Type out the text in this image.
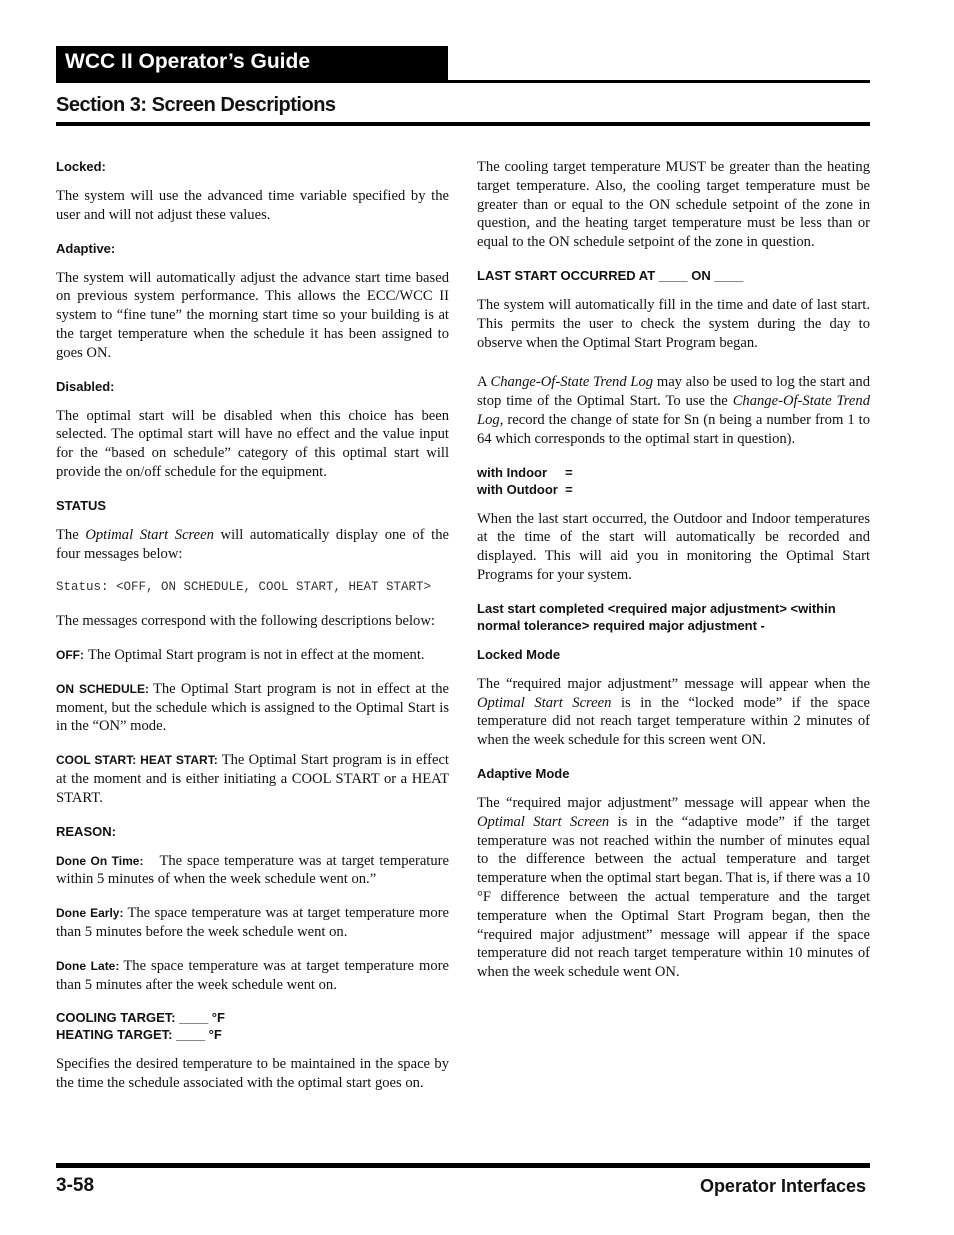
WCC II Operator’s Guide
Section 3: Screen Descriptions
Locked:

The system will use the advanced time variable specified by the user and will not adjust these values.

Adaptive:

The system will automatically adjust the advance start time based on previous system performance. This allows the ECC/WCC II system to “fine tune” the morning start time so your building is at the target temperature when the schedule it has been assigned to goes ON.

Disabled:

The optimal start will be disabled when this choice has been selected. The optimal start will have no effect and the value input for the “based on schedule” category of this optimal start will provide the on/off schedule for the equipment.

STATUS

The Optimal Start Screen will automatically display one of the four messages below:

Status: <OFF, ON SCHEDULE, COOL START, HEAT START>

The messages correspond with the following descriptions below:

OFF: The Optimal Start program is not in effect at the moment.

ON SCHEDULE: The Optimal Start program is not in effect at the moment, but the schedule which is assigned to the Optimal Start is in the “ON” mode.

COOL START: HEAT START: The Optimal Start program is in effect at the moment and is either initiating a COOL START or a HEAT START.

REASON:

Done On Time: The space temperature was at target temperature within 5 minutes of when the week schedule went on.”

Done Early: The space temperature was at target temperature more than 5 minutes before the week schedule went on.

Done Late: The space temperature was at target temperature more than 5 minutes after the week schedule went on.

COOLING TARGET: ____ °F
HEATING TARGET: ____ °F

Specifies the desired temperature to be maintained in the space by the time the schedule associated with the optimal start goes on.

The cooling target temperature MUST be greater than the heating target temperature. Also, the cooling target temperature must be greater than or equal to the ON schedule setpoint of the zone in question, and the heating target temperature must be less than or equal to the ON schedule setpoint of the zone in question.

LAST START OCCURRED AT ____ ON ____

The system will automatically fill in the time and date of last start. This permits the user to check the system during the day to observe when the Optimal Start Program began.

A Change-Of-State Trend Log may also be used to log the start and stop time of the Optimal Start. To use the Change-Of-State Trend Log, record the change of state for Sn (n being a number from 1 to 64 which corresponds to the optimal start in question).

with Indoor     =
with Outdoor  =

When the last start occurred, the Outdoor and Indoor temperatures at the time of the start will automatically be recorded and displayed. This will aid you in monitoring the Optimal Start Programs for your system.

Last start completed <required major adjustment> <within normal tolerance> required major adjustment -
Locked Mode

The “required major adjustment” message will appear when the Optimal Start Screen is in the “locked mode” if the space temperature did not reach target temperature within 2 minutes of when the week schedule for this screen went ON.

Adaptive Mode

The “required major adjustment” message will appear when the Optimal Start Screen is in the “adaptive mode” if the target temperature was not reached within the number of minutes equal to the difference between the actual temperature and target temperature when the optimal start began. That is, if there was a 10 °F difference between the actual temperature and the target temperature when the Optimal Start Program began, then the “required major adjustment” message will appear if the space temperature did not reach target temperature within 10 minutes of when the week schedule went ON.

3-58	Operator Interfaces
